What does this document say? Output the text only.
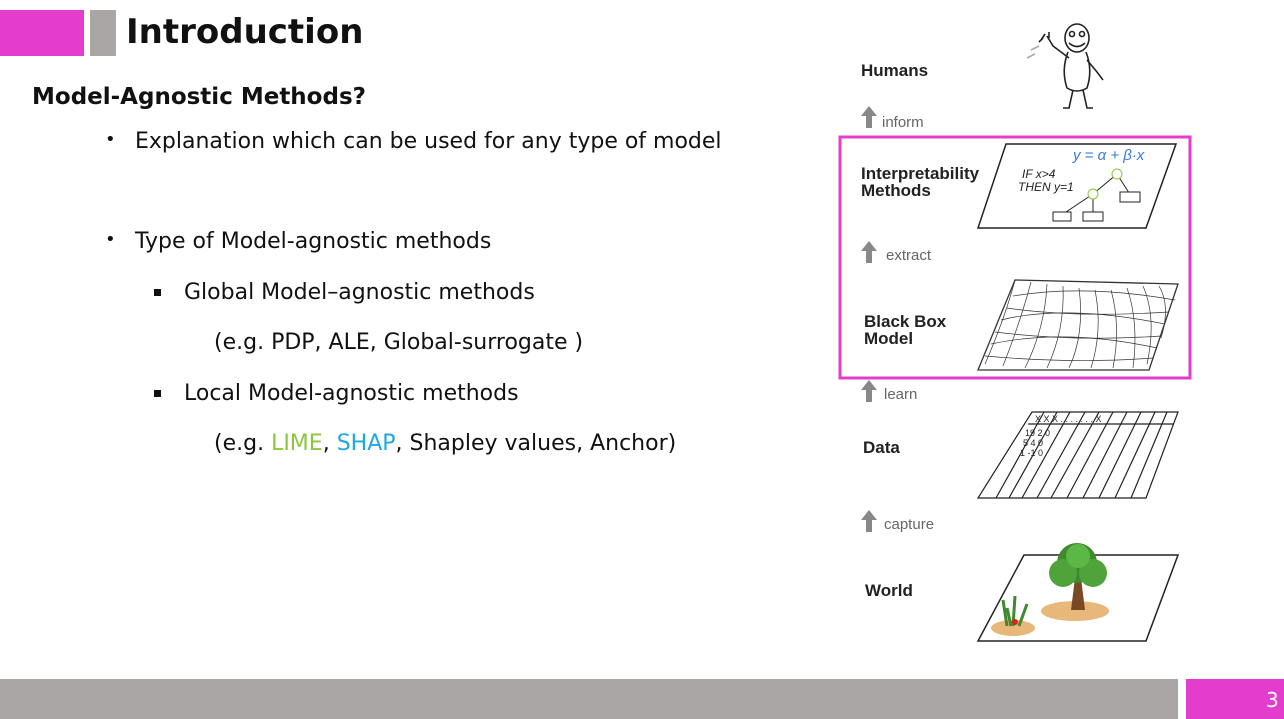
Introduction
Model-Agnostic Methods?
• Explanation which can be used for any type of model
• Type of Model-agnostic methods
Global Model–agnostic methods
(e.g. PDP, ALE, Global-surrogate )
Local Model-agnostic methods
(e.g. LIME, SHAP, Shapley values, Anchor)
y = α + β·x
IF x>4
THEN y=1
X X X . . . . . . . X
19 2 0
5 4 0
1 -1 0
Humans
inform
Interpretability
Methods
extract
Black Box
Model
learn
Data
capture
World
3
